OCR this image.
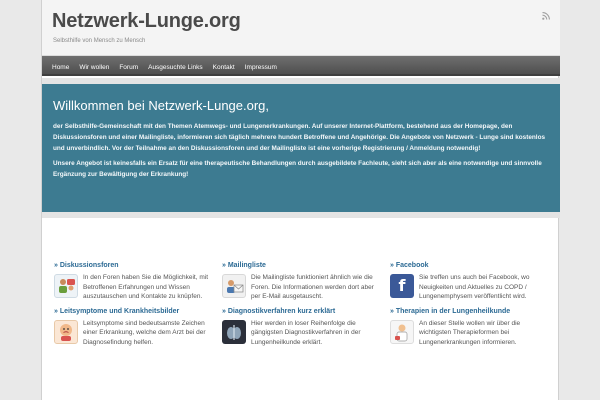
Netzwerk-Lunge.org
Selbsthilfe von Mensch zu Mensch
Home Wir wollen Forum Ausgesuchte Links Kontakt Impressum
Willkommen bei Netzwerk-Lunge.org,

der Selbsthilfe-Gemeinschaft mit den Themen Atemwegs- und Lungenerkrankungen. Auf unserer Internet-Plattform, bestehend aus der Homepage, den Diskussionsforen und einer Mailingliste, informieren sich täglich mehrere hundert Betroffene und Angehörige. Die Angebote von Netzwerk - Lunge sind kostenlos und unverbindlich. Vor der Teilnahme an den Diskussionsforen und der Mailingliste ist eine vorherige Registrierung / Anmeldung notwendig!

Unsere Angebot ist keinesfalls ein Ersatz für eine therapeutische Behandlungen durch ausgebildete Fachleute, sieht sich aber als eine notwendige und sinnvolle Ergänzung zur Bewältigung der Erkrankung!

» Diskussionsforen
In den Foren haben Sie die Möglichkeit, mit Betroffenen Erfahrungen und Wissen auszutauschen und Kontakte zu knüpfen.
» Leitsymptome und Krankheitsbilder
Leitsymptome sind bedeutsamste Zeichen einer Erkrankung, welche dem Arzt bei der Diagnosefindung helfen.
» Mailingliste
Die Mailingliste funktioniert ähnlich wie die Foren. Die Informationen werden dort aber per E-Mail ausgetauscht.
» Diagnostikverfahren kurz erklärt
Hier werden in loser Reihenfolge die gängigsten Diagnostikverfahren in der Lungenheilkunde erklärt.
» Facebook
f	Sie treffen uns auch bei Facebook, wo Neuigkeiten und Aktuelles zu COPD / Lungenemphysem veröffentlicht wird.
» Therapien in der Lungenheilkunde
An dieser Stelle wollen wir über die wichtigsten Therapieformen bei Lungenerkrankungen informieren.
